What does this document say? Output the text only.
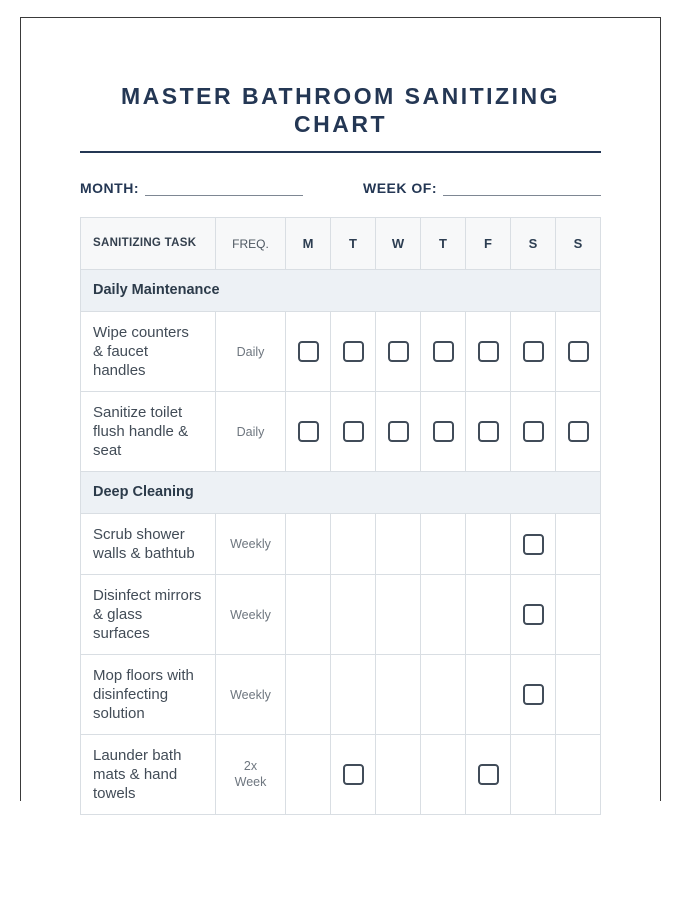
MASTER BATHROOM SANITIZING CHART
MONTH:	WEEK OF:
SANITIZING TASK	FREQ.	M	T	W	T	F	S	S
Daily Maintenance								
Wipe counters & faucet handles	Daily							
Sanitize toilet flush handle & seat	Daily							
Deep Cleaning								
Scrub shower walls & bathtub	Weekly							
Disinfect mirrors & glass surfaces	Weekly							
Mop floors with disinfecting solution	Weekly							
Launder bath mats & hand towels	2x Week							
